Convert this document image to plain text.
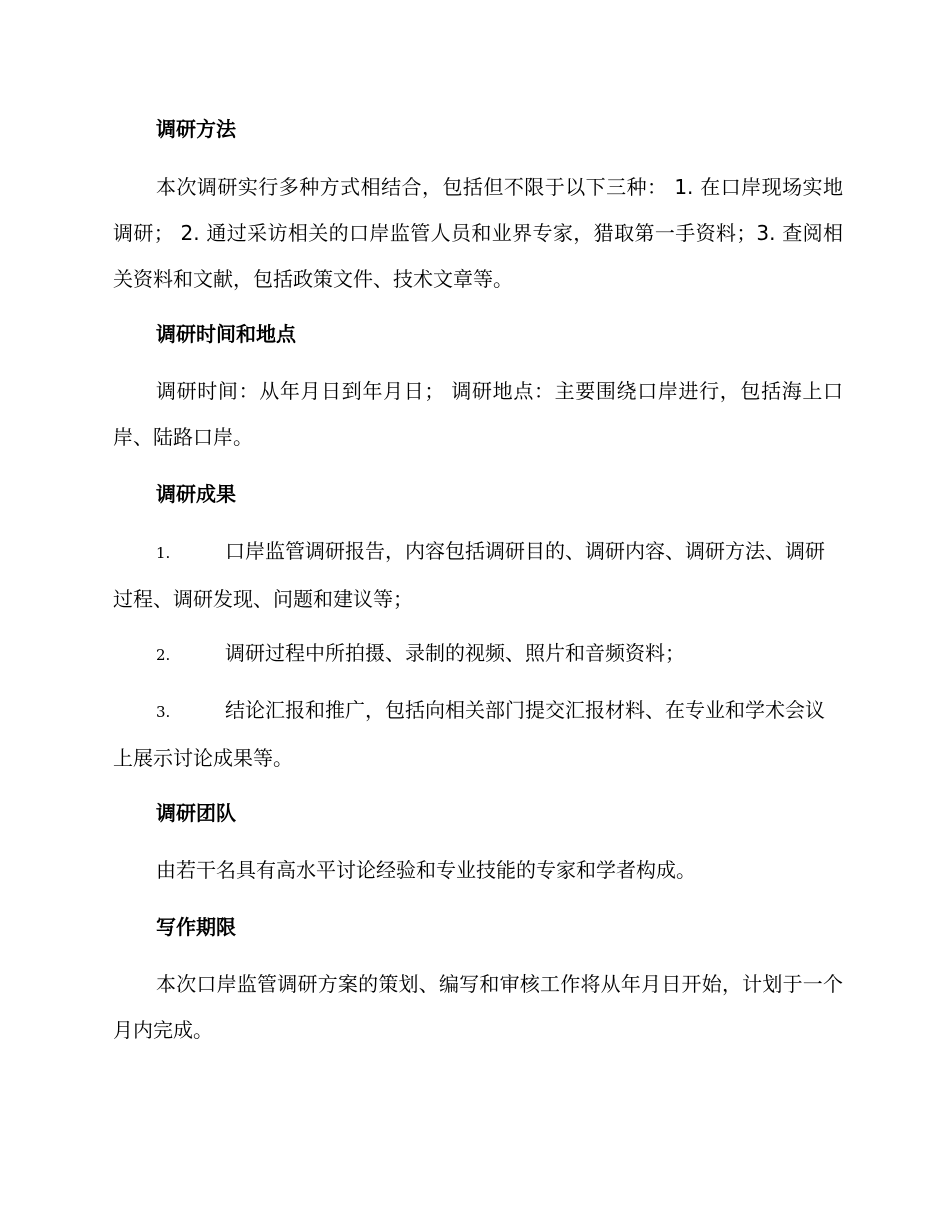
调研方法
本次调研实行多种方式相结合，包括但不限于以下三种： 1. 在口岸现场实地调研； 2. 通过采访相关的口岸监管人员和业界专家，猎取第一手资料；3. 查阅相关资料和文献，包括政策文件、技术文章等。
调研时间和地点
调研时间：从年月日到年月日； 调研地点：主要围绕口岸进行，包括海上口岸、陆路口岸。
调研成果
1.	口岸监管调研报告，内容包括调研目的、调研内容、调研方法、调研过程、调研发现、问题和建议等；
2.	调研过程中所拍摄、录制的视频、照片和音频资料；
3.	结论汇报和推广，包括向相关部门提交汇报材料、在专业和学术会议上展示讨论成果等。
调研团队
由若干名具有高水平讨论经验和专业技能的专家和学者构成。
写作期限
本次口岸监管调研方案的策划、编写和审核工作将从年月日开始，计划于一个月内完成。
